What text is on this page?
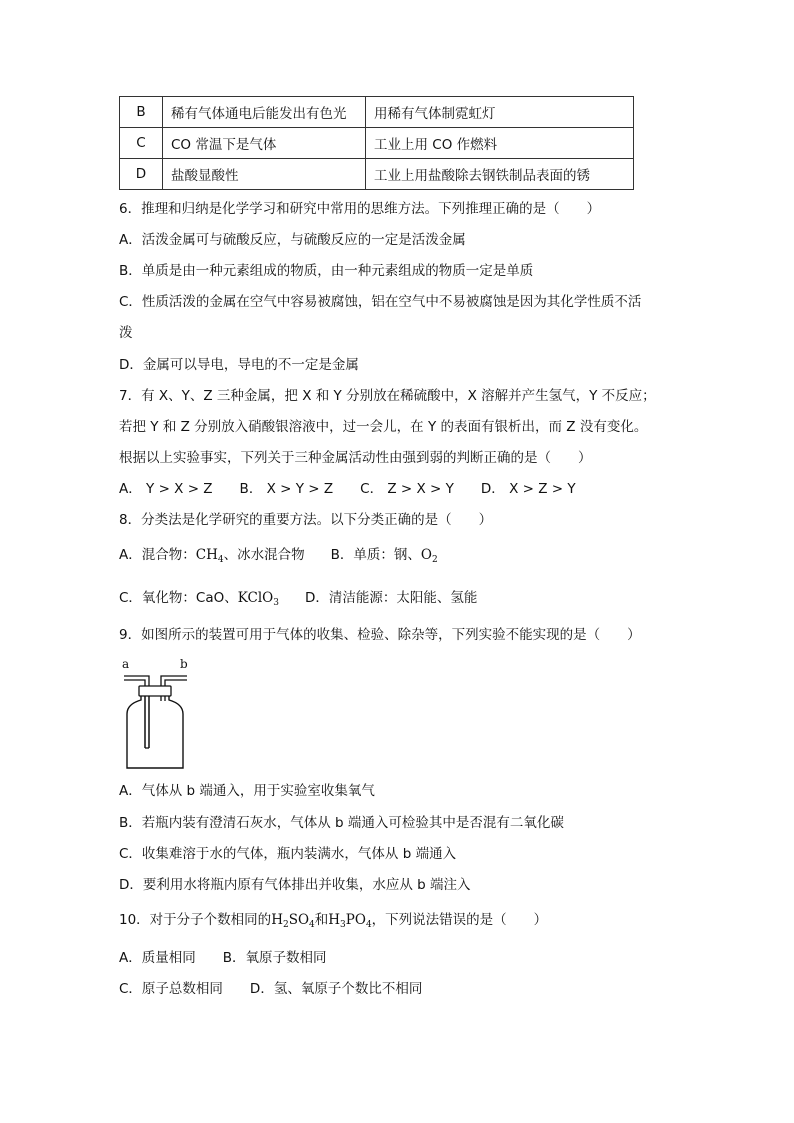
B	稀有气体通电后能发出有色光	用稀有气体制霓虹灯
C	CO 常温下是气体	工业上用 CO 作燃料
D	盐酸显酸性	工业上用盐酸除去钢铁制品表面的锈
6．推理和归纳是化学学习和研究中常用的思维方法。下列推理正确的是（　　）
A．活泼金属可与硫酸反应，与硫酸反应的一定是活泼金属
B．单质是由一种元素组成的物质，由一种元素组成的物质一定是单质
C．性质活泼的金属在空气中容易被腐蚀，铝在空气中不易被腐蚀是因为其化学性质不活
泼
D．金属可以导电，导电的不一定是金属
7．有 X、Y、Z 三种金属，把 X 和 Y 分别放在稀硫酸中，X 溶解并产生氢气，Y 不反应；
若把 Y 和 Z 分别放入硝酸银溶液中，过一会儿，在 Y 的表面有银析出，而 Z 没有变化。
根据以上实验事实，下列关于三种金属活动性由强到弱的判断正确的是（　　）
A． Y > X > Z　　B． X > Y > Z　　C． Z > X > Y　　D． X > Z > Y
8．分类法是化学研究的重要方法。以下分类正确的是（　　）
A．混合物：$CH_4$、冰水混合物 B．单质：钢、$O_2$
C．氧化物：CaO、KClO$_3$ D．清洁能源：太阳能、氢能
9．如图所示的装置可用于气体的收集、检验、除杂等，下列实验不能实现的是（　　）
a	b
A．气体从 b 端通入，用于实验室收集氧气
B．若瓶内装有澄清石灰水，气体从 b 端通入可检验其中是否混有二氧化碳
C．收集难溶于水的气体，瓶内装满水，气体从 b 端通入
D．要利用水将瓶内原有气体排出并收集，水应从 b 端注入
10．对于分子个数相同的$H_2SO_4$和$H_3PO_4$，下列说法错误的是（　　）
A．质量相同　　B．氧原子数相同
C．原子总数相同　　D．氢、氧原子个数比不相同
